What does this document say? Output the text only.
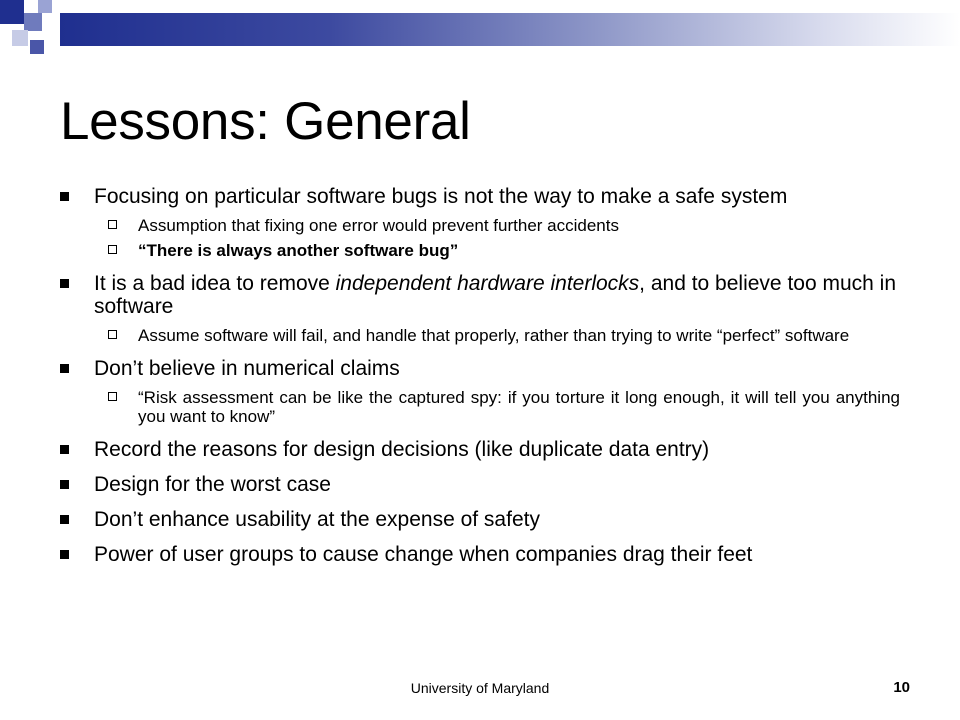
Lessons: General
Focusing on particular software bugs is not the way to make a safe system
Assumption that fixing one error would prevent further accidents
“There is always another software bug”
It is a bad idea to remove independent hardware interlocks, and to believe too much in software
Assume software will fail, and handle that properly, rather than trying to write “perfect” software
Don’t believe in numerical claims
“Risk assessment can be like the captured spy: if you torture it long enough, it will tell you anything you want to know”
Record the reasons for design decisions (like duplicate data entry)
Design for the worst case
Don’t enhance usability at the expense of safety
Power of user groups to cause change when companies drag their feet
University of Maryland	10
